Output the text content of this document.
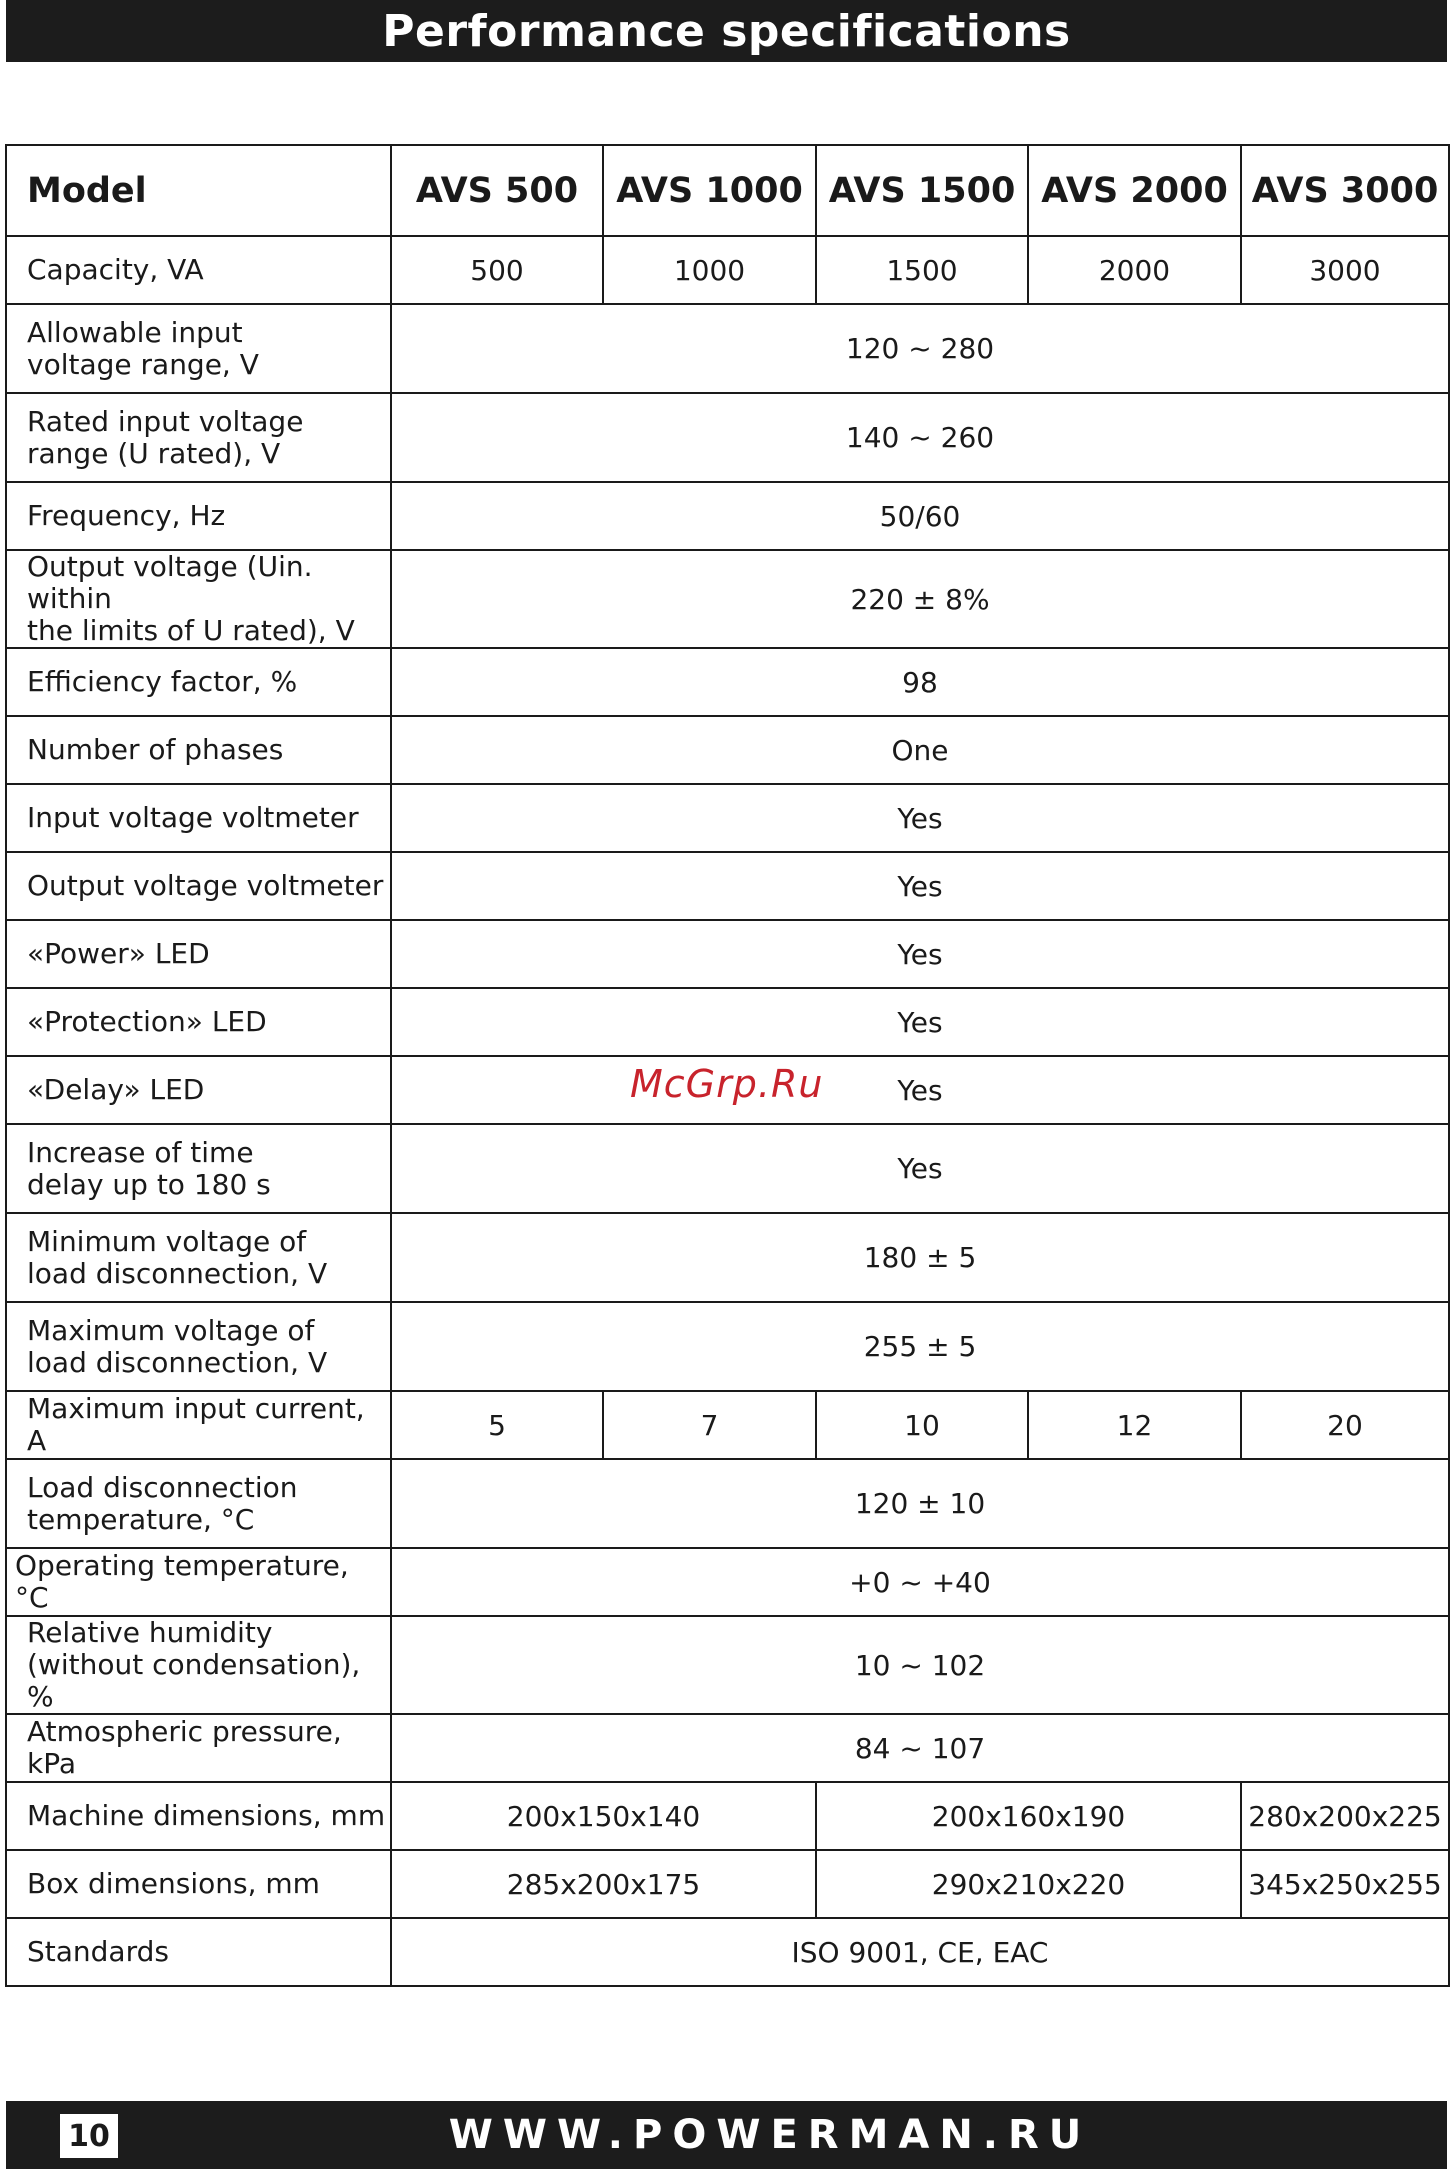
Performance specifications
Model	AVS 500	AVS 1000	AVS 1500	AVS 2000	AVS 3000
Capacity, VA	500	1000	1500	2000	3000

Allowable input
voltage range, V	120 ~ 280				

Rated input voltage
range (U rated), V	140 ~ 260				
Frequency, Hz	50/60				

Output voltage (Uin. within
the limits of U rated), V	220 ± 8%				
Efficiency factor, %	98				
Number of phases	One				
Input voltage voltmeter	Yes				
Output voltage voltmeter	Yes				
«Power» LED	Yes				
«Protection» LED	Yes				
«Delay» LED	Yes				

Increase of time
delay up to 180 s	Yes				

Minimum voltage of
load disconnection, V	180 ± 5				

Maximum voltage of
load disconnection, V	255 ± 5				
Maximum input current, A	5	7	10	12	20

Load disconnection
temperature, °C	120 ± 10				
Operating temperature, °C	+0 ~ +40				

Relative humidity
(without condensation), %	10 ~ 102				
Atmospheric pressure, kPa	84 ~ 107				
Machine dimensions, mm	200x150x140		200x160x190		280x200x225
Box dimensions, mm	285x200x175		290x210x220		345x250x255
Standards	ISO 9001, CE, EAC				
McGrp.Ru
10	WWW.POWERMAN.RU
